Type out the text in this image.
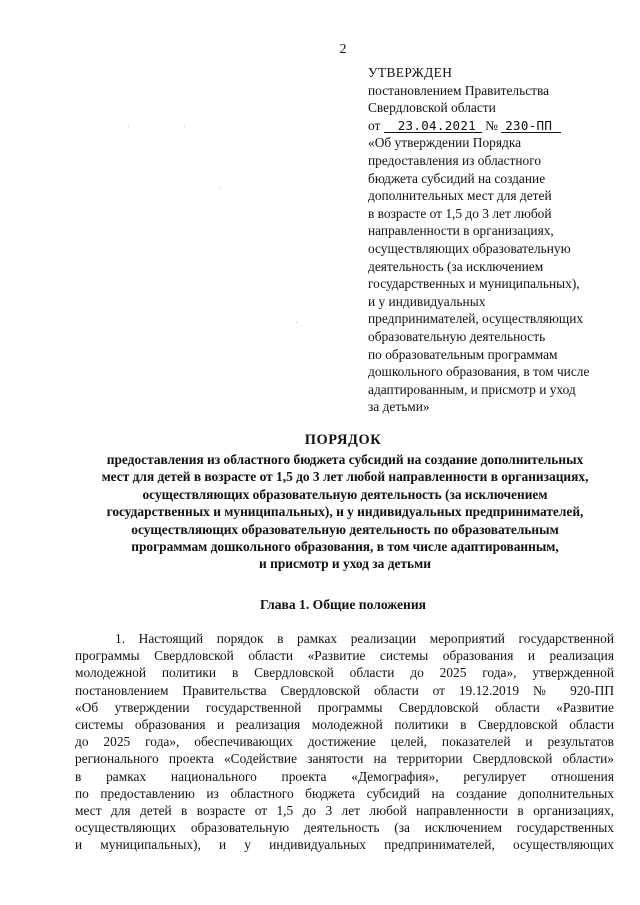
2
УТВЕРЖДЕН
постановлением Правительства
Свердловской области
от 23.04.2021 № 230-ПП
«Об утверждении Порядка
предоставления из областного
бюджета субсидий на создание
дополнительных мест для детей
в возрасте от 1,5 до 3 лет любой
направленности в организациях,
осуществляющих образовательную
деятельность (за исключением
государственных и муниципальных),
и у индивидуальных
предпринимателей, осуществляющих
образовательную деятельность
по образовательным программам
дошкольного образования, в том числе
адаптированным, и присмотр и уход
за детьми»
ПОРЯДОК
предоставления из областного бюджета субсидий на создание дополнительных
мест для детей в возрасте от 1,5 до 3 лет любой направленности в организациях,
осуществляющих образовательную деятельность (за исключением
государственных и муниципальных), и у индивидуальных предпринимателей,
осуществляющих образовательную деятельность по образовательным
программам дошкольного образования, в том числе адаптированным,
и присмотр и уход за детьми
Глава 1. Общие положения
1. Настоящий порядок в рамках реализации мероприятий государственной
программы Свердловской области «Развитие системы образования и реализация
молодежной политики в Свердловской области до 2025 года», утвержденной
постановлением Правительства Свердловской области от 19.12.2019 № 920-ПП
«Об утверждении государственной программы Свердловской области «Развитие
системы образования и реализация молодежной политики в Свердловской области
до 2025 года», обеспечивающих достижение целей, показателей и результатов
регионального проекта «Содействие занятости на территории Свердловской области»
в рамках национального проекта «Демография», регулирует отношения
по предоставлению из областного бюджета субсидий на создание дополнительных
мест для детей в возрасте от 1,5 до 3 лет любой направленности в организациях,
осуществляющих образовательную деятельность (за исключением государственных
и муниципальных), и у индивидуальных предпринимателей, осуществляющих
